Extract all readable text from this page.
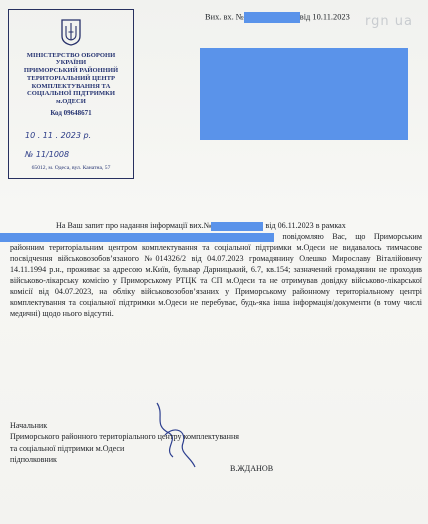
rgn ua
МІНІСТЕРСТВО ОБОРОНИ
УКРАЇНИ
ПРИМОРСЬКИЙ РАЙОННИЙ
ТЕРИТОРІАЛЬНИЙ ЦЕНТР
КОМПЛЕКТУВАННЯ ТА
СОЦІАЛЬНОЇ ПІДТРИМКИ
м.ОДЕСИ
Код 09648671
10 . 11 . 2023 р.
№ 11/1008
65012, м. Одеса, вул. Канатна, 57
Вих. вх. №	від 10.11.2023

На Ваш запит про надання інформації вих.№	від 06.11.2023 в рамках
повідомляю Вас, що Приморським районним територіальним центром комплектування та соціальної підтримки м.Одеси не видавалось тимчасове посвідчення військовозобов’язаного №014326/2 від 04.07.2023 громадянину Олешко Мирославу Віталійовичу 14.11.1994 р.н., проживає за адресою м.Київ, бульвар Дарницький, 6.7, кв.154; зазначений громадянин не проходив військово-лікарську комісію у Приморському РТЦК та СП м.Одеси та не отримував довідку військово-лікарської комісії від 04.07.2023, на обліку військовозобов’язаних у Приморському районному територіальному центрі комплектування та соціальної підтримки м.Одеси не перебуває, будь-яка інша інформація/документи (в тому числі медичні) щодо нього відсутні.

Начальник
Приморського районного територіального центру комплектування
та соціальної підтримки м.Одеси
підполковник
В.ЖДАНОВ
